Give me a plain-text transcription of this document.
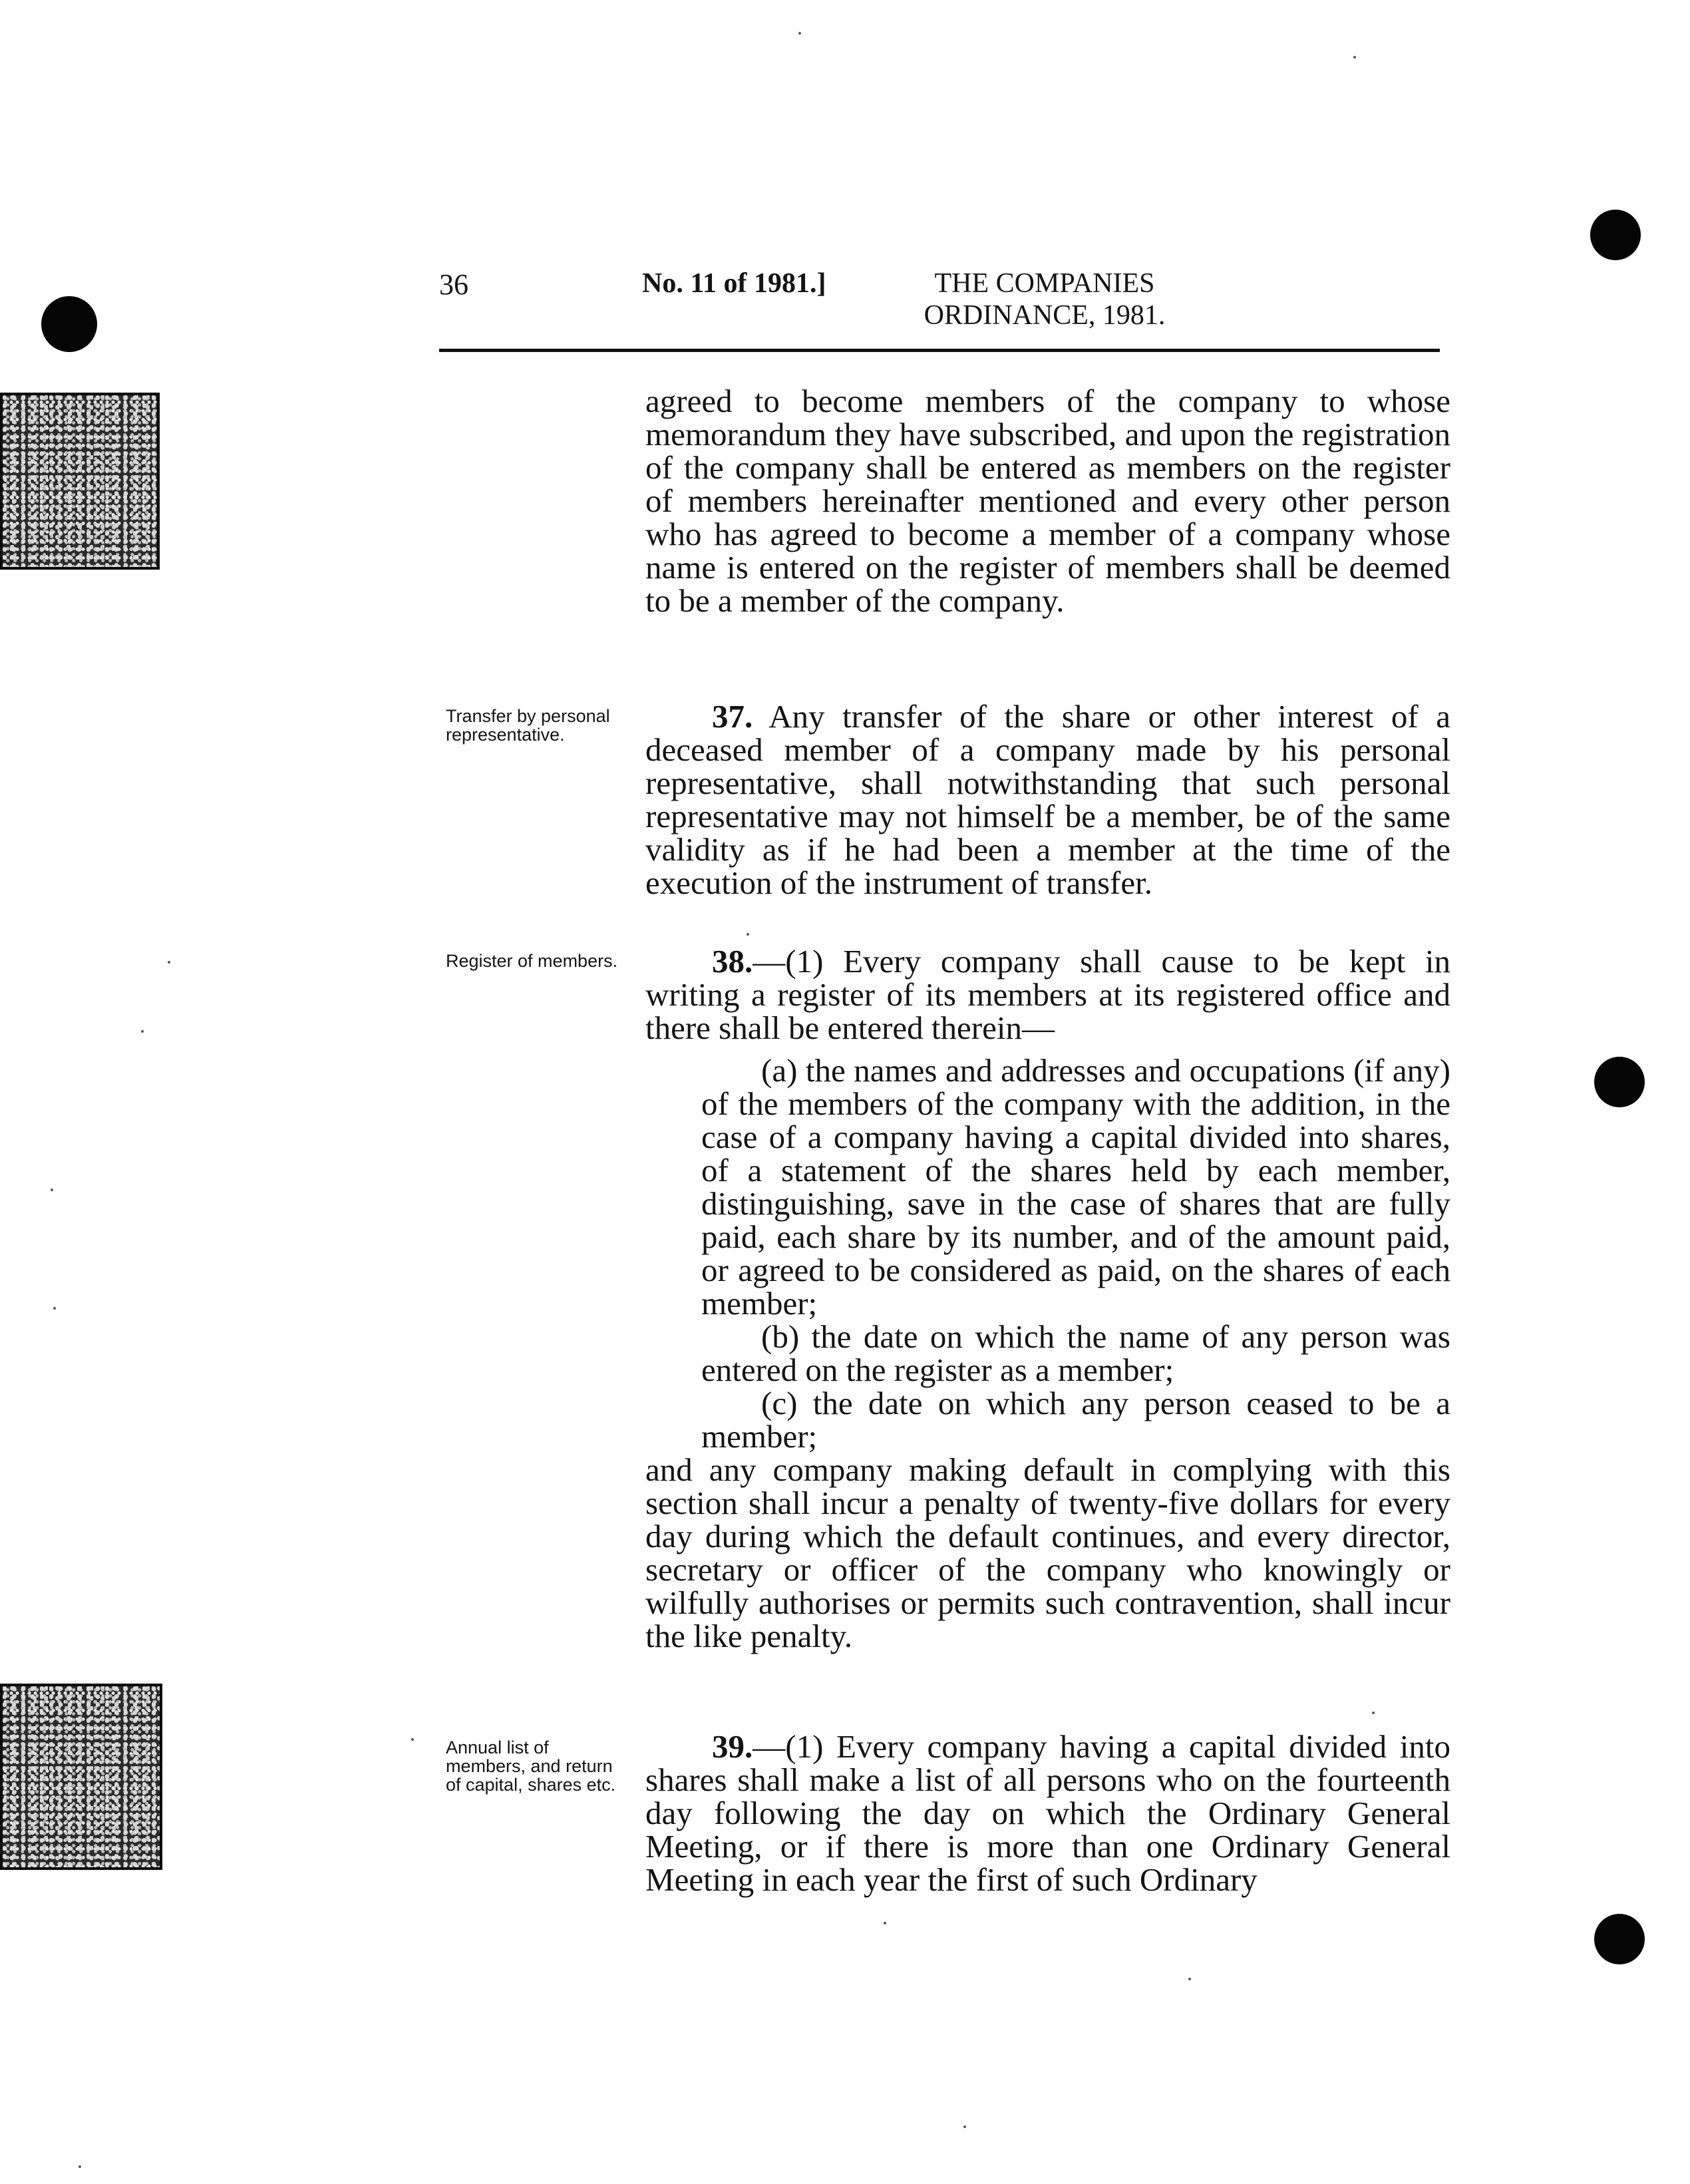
36	No. 11 of 1981.]	THE COMPANIES
ORDINANCE, 1981.

agreed to become members of the company to whose memorandum they have subscribed, and upon the registration of the company shall be entered as members on the register of members hereinafter mentioned and every other person who has agreed to become a member of a company whose name is entered on the register of members shall be deemed to be a member of the company.

Transfer by personal representative.	37. Any transfer of the share or other interest of a deceased member of a company made by his personal representative, shall notwithstanding that such personal representative may not himself be a member, be of the same validity as if he had been a member at the time of the execution of the instrument of transfer.

Register of members.	38.—(1) Every company shall cause to be kept in writing a register of its members at its registered office and there shall be entered therein—

(a) the names and addresses and occupations (if any) of the members of the company with the addition, in the case of a company having a capital divided into shares, of a statement of the shares held by each member, distinguishing, save in the case of shares that are fully paid, each share by its number, and of the amount paid, or agreed to be considered as paid, on the shares of each member;

(b) the date on which the name of any person was entered on the register as a member;

(c) the date on which any person ceased to be a member;

and any company making default in complying with this section shall incur a penalty of twenty-five dollars for every day during which the default continues, and every director, secretary or officer of the company who knowingly or wilfully authorises or permits such contravention, shall incur the like penalty.

Annual list of members, and return of capital, shares etc.

39.—(1) Every company having a capital divided into shares shall make a list of all persons who on the fourteenth day following the day on which the Ordinary General Meeting, or if there is more than one Ordinary General Meeting in each year the first of such Ordinary
